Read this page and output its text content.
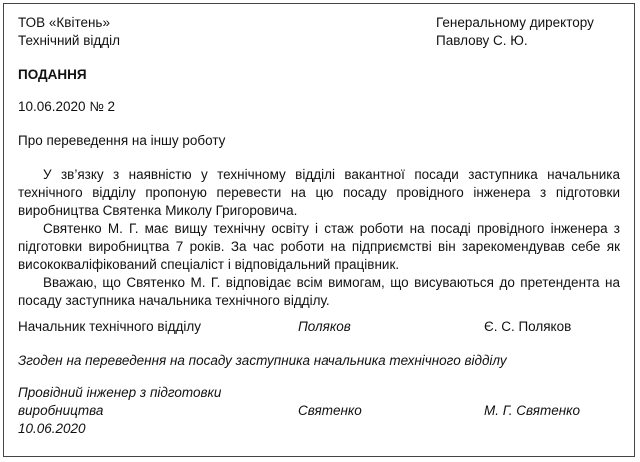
ТОВ «Квітень»
Технічний відділ
Генеральному директору
Павлову С. Ю.
ПОДАННЯ
10.06.2020 № 2
Про переведення на іншу роботу
У зв’язку з наявністю у технічному відділі вакантної посади заступника начальника технічного відділу пропоную перевести на цю посаду провідного інженера з підготовки виробництва Святенка Миколу Григоровича.
Святенко М. Г. має вищу технічну освіту і стаж роботи на посаді провідного інженера з підготовки виробництва 7 років. За час роботи на підприємстві він зарекомендував себе як висококваліфікований спеціаліст і відповідальний працівник.
Вважаю, що Святенко М. Г. відповідає всім вимогам, що висуваються до претендента на посаду заступника начальника технічного відділу.
Начальник технічного відділу	Поляков	Є. С. Поляков
Згоден на переведення на посаду заступника начальника технічного відділу
Провідний інженер з підготовки
виробництва	Святенко	М. Г. Святенко
10.06.2020
